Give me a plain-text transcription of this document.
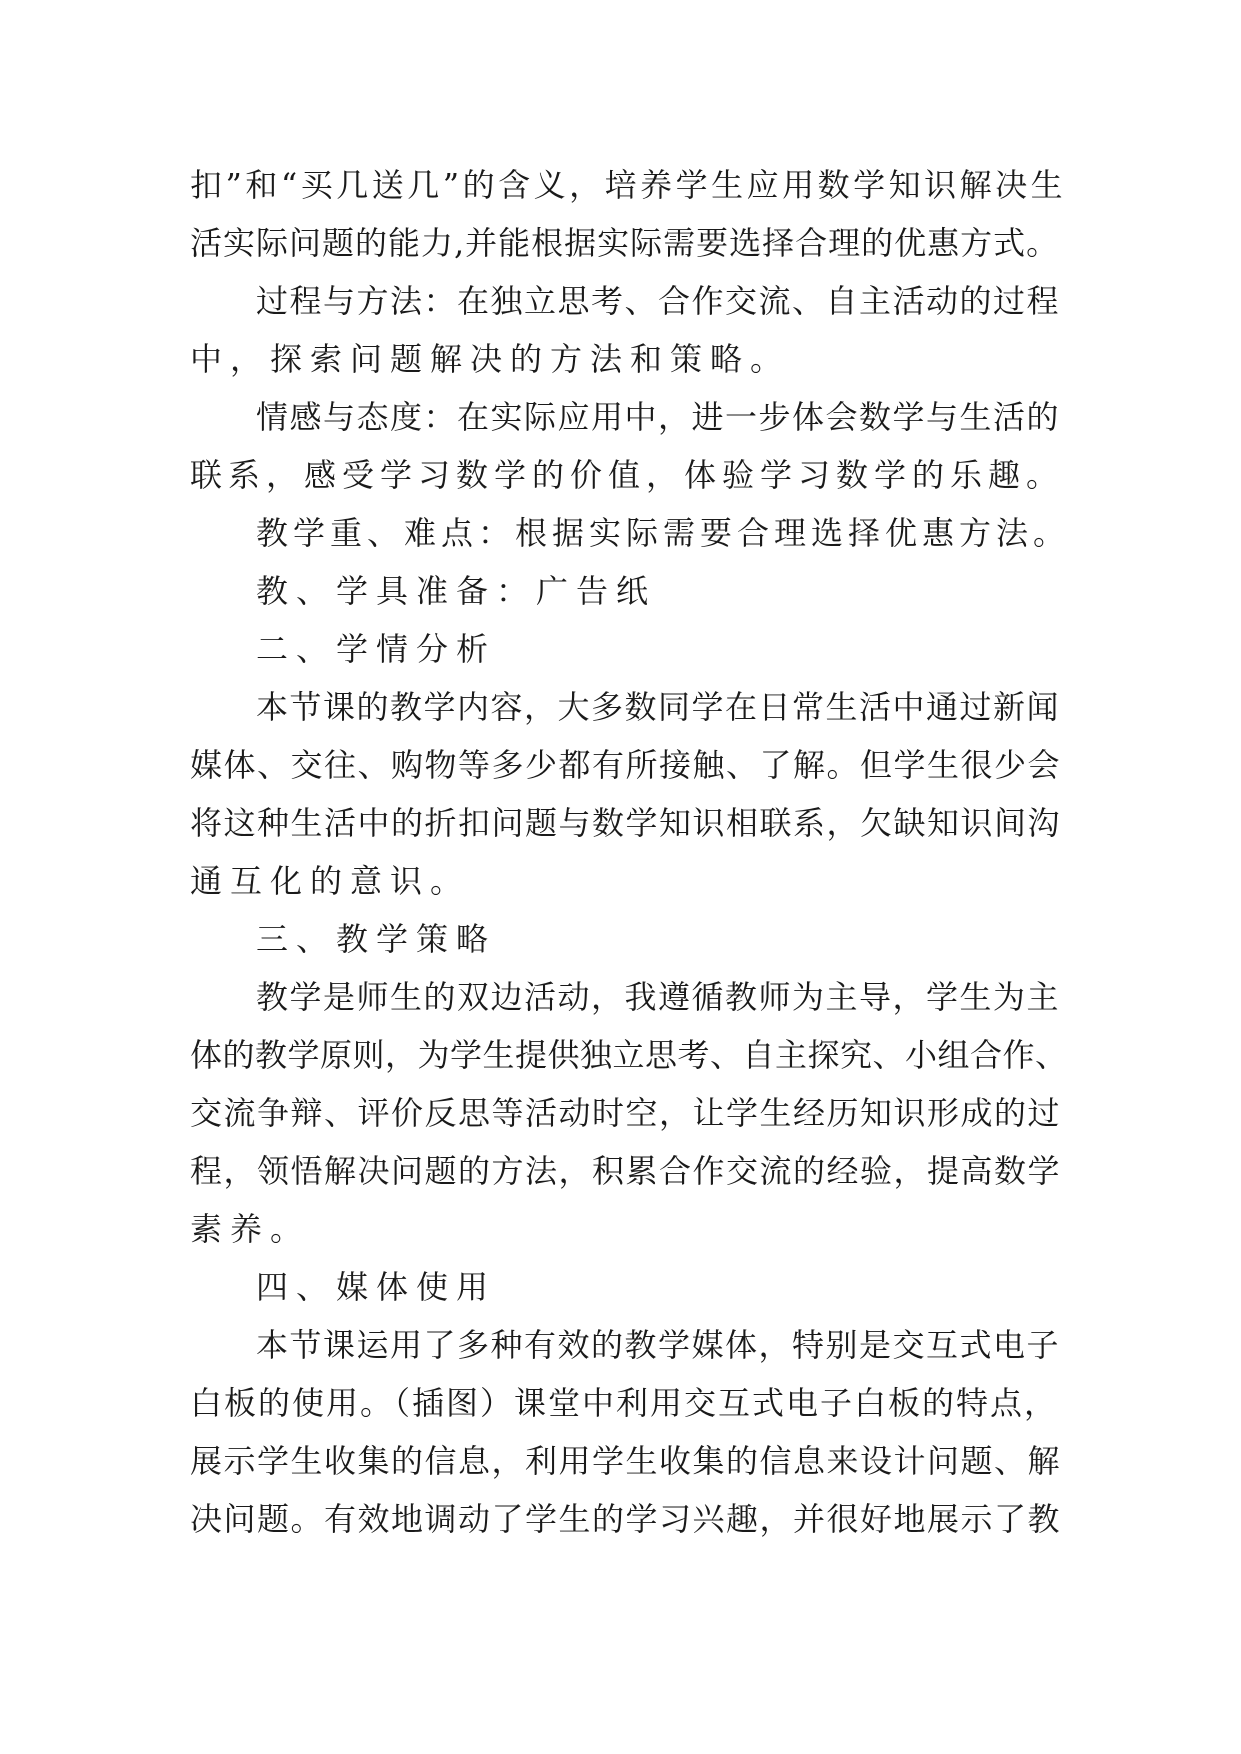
扣”和“买几送几”的含义，培养学生应用数学知识解决生
活实际问题的能力,并能根据实际需要选择合理的优惠方式。
过程与方法：在独立思考、合作交流、自主活动的过程
中，探索问题解决的方法和策略。
情感与态度：在实际应用中，进一步体会数学与生活的
联系，感受学习数学的价值，体验学习数学的乐趣。
教学重、难点：根据实际需要合理选择优惠方法。
教、学具准备：广告纸
二、学情分析
本节课的教学内容，大多数同学在日常生活中通过新闻
媒体、交往、购物等多少都有所接触、了解。但学生很少会
将这种生活中的折扣问题与数学知识相联系，欠缺知识间沟
通互化的意识。
三、教学策略
教学是师生的双边活动，我遵循教师为主导，学生为主
体的教学原则，为学生提供独立思考、自主探究、小组合作、
交流争辩、评价反思等活动时空，让学生经历知识形成的过
程，领悟解决问题的方法，积累合作交流的经验，提高数学
素养。
四、媒体使用
本节课运用了多种有效的教学媒体，特别是交互式电子
白板的使用。（插图）课堂中利用交互式电子白板的特点，
展示学生收集的信息，利用学生收集的信息来设计问题、解
决问题。有效地调动了学生的学习兴趣，并很好地展示了教
